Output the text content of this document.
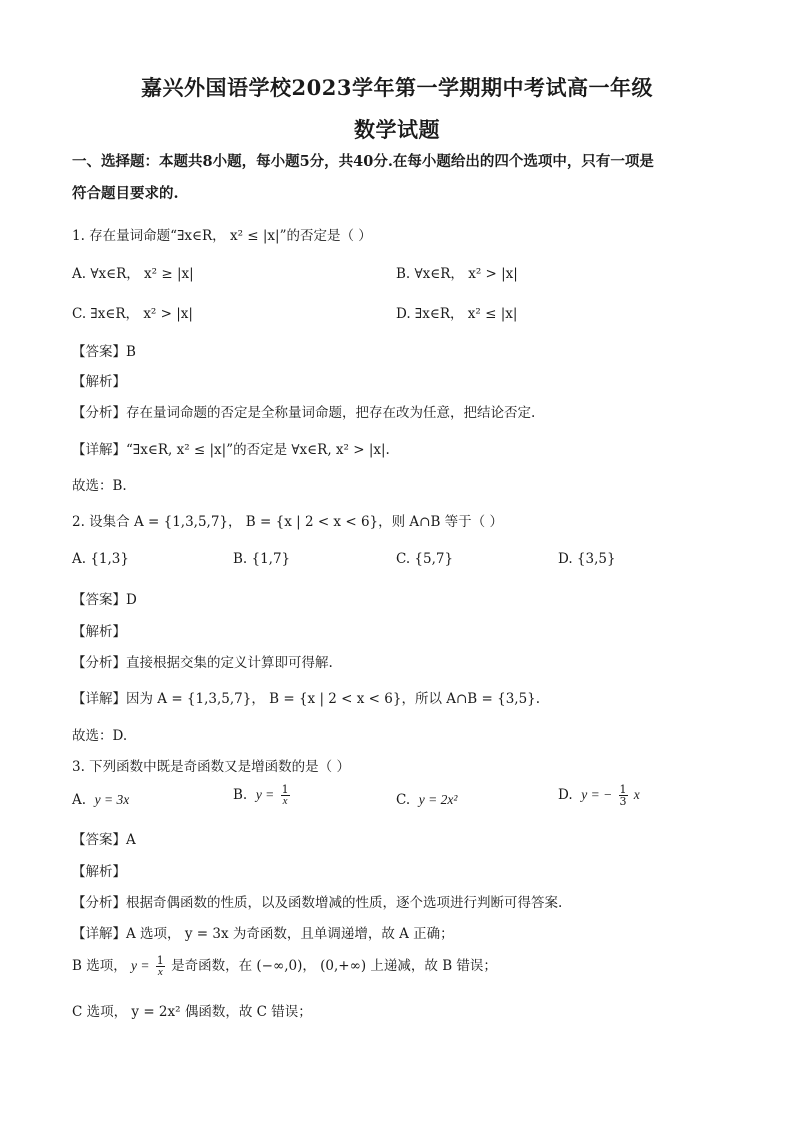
嘉兴外国语学校2023学年第一学期期中考试高一年级
数学试题
一、选择题：本题共8小题，每小题5分，共40分.在每小题给出的四个选项中，只有一项是
符合题目要求的.
1. 存在量词命题“∃x∈R， x² ≤ |x|”的否定是（ ）
A. ∀x∈R， x² ≥ |x|	B. ∀x∈R， x² > |x|
C. ∃x∈R， x² > |x|	D. ∃x∈R， x² ≤ |x|
【答案】B
【解析】
【分析】存在量词命题的否定是全称量词命题，把存在改为任意，把结论否定.
【详解】“∃x∈R, x² ≤ |x|”的否定是 ∀x∈R, x² > |x|.
故选：B.
2. 设集合 A = {1,3,5,7}， B = {x | 2 < x < 6}，则 A∩B 等于（ ）
A. {1,3}	B. {1,7}	C. {5,7}	D. {3,5}
【答案】D
【解析】
【分析】直接根据交集的定义计算即可得解.
【详解】因为 A = {1,3,5,7}， B = {x | 2 < x < 6}，所以 A∩B = {3,5}.
故选：D.
3. 下列函数中既是奇函数又是增函数的是（ ）
A. y = 3x	B. $y = \frac{1}{x}$	C. y = 2x²	D. y = − $\frac{1}{3}$ x
【答案】A
【解析】
【分析】根据奇偶函数的性质，以及函数增减的性质，逐个选项进行判断可得答案.
【详解】A 选项， y = 3x 为奇函数，且单调递增，故 A 正确；
B 选项， $y = \frac{1}{x}$ 是奇函数，在 (−∞,0)， (0,+∞) 上递减，故 B 错误；
C 选项， y = 2x² 偶函数，故 C 错误；
